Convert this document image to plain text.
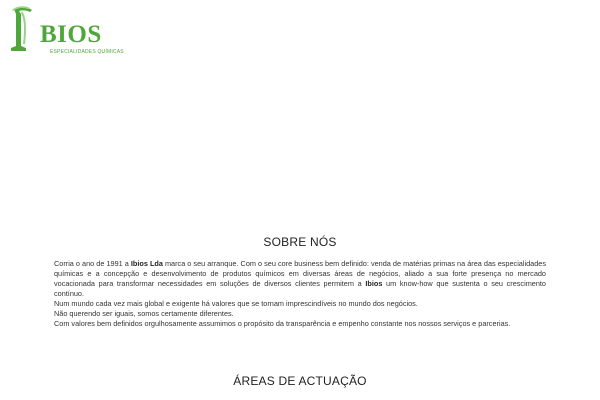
BIOS
ESPECIALIDADES QUÍMICAS
SOBRE NÓS

Corria o ano de 1991 a Ibios Lda marca o seu arranque. Com o seu core business bem definido: venda de matérias primas na área das especialidades químicas e a concepção e desenvolvimento de produtos químicos em diversas áreas de negócios, aliado a sua forte presença no mercado vocacionada para transformar necessidades em soluções de diversos clientes permitem a Ibios um know-how que sustenta o seu crescimento contínuo.

Num mundo cada vez mais global e exigente há valores que se tornam imprescindíveis no mundo dos negócios.

Não querendo ser iguais, somos certamente diferentes.

Com valores bem definidos orgulhosamente assumimos o propósito da transparência e empenho constante nos nossos serviços e parcerias.

ÁREAS DE ACTUAÇÃO
